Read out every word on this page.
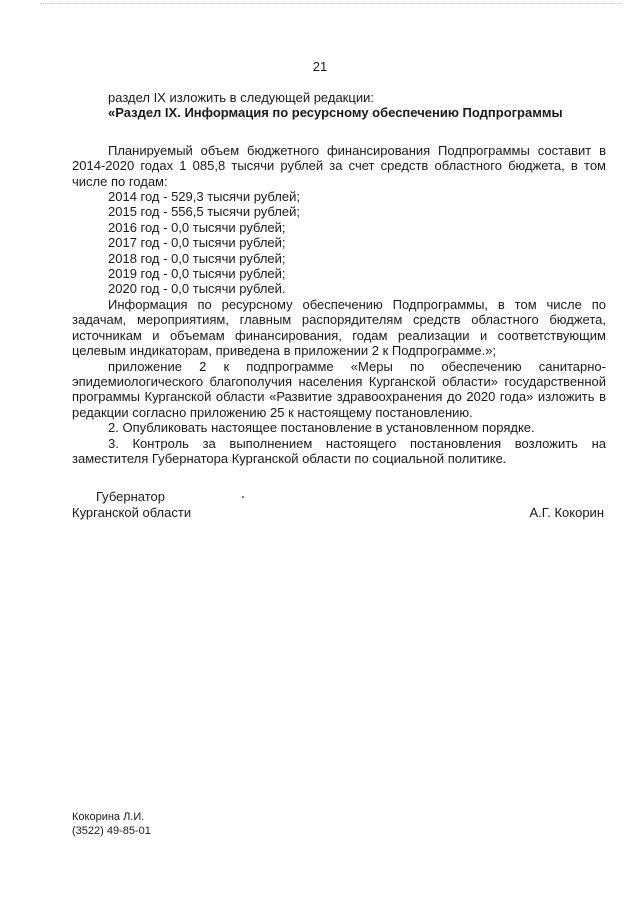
21

раздел IX изложить в следующей редакции:

«Раздел IX. Информация по ресурсному обеспечению Подпрограммы

Планируемый объем бюджетного финансирования Подпрограммы составит в 2014-2020 годах 1 085,8 тысячи рублей за счет средств областного бюджета, в том числе по годам:

2014 год - 529,3 тысячи рублей;

2015 год - 556,5 тысячи рублей;

2016 год - 0,0 тысячи рублей;

2017 год - 0,0 тысячи рублей;

2018 год - 0,0 тысячи рублей;

2019 год - 0,0 тысячи рублей;

2020 год - 0,0 тысячи рублей.

Информация по ресурсному обеспечению Подпрограммы, в том числе по задачам, мероприятиям, главным распорядителям средств областного бюджета, источникам и объемам финансирования, годам реализации и соответствующим целевым индикаторам, приведена в приложении 2 к Подпрограмме.»;

приложение 2 к подпрограмме «Меры по обеспечению санитарно-эпидемиологического благополучия населения Курганской области» государственной программы Курганской области «Развитие здравоохранения до 2020 года» изложить в редакции согласно приложению 25 к настоящему постановлению.

2. Опубликовать настоящее постановление в установленном порядке.

3. Контроль за выполнением настоящего постановления возложить на заместителя Губернатора Курганской области по социальной политике.

Губернатор
Курганской области	А.Г. Кокорин
Кокорина Л.И.
(3522) 49-85-01
